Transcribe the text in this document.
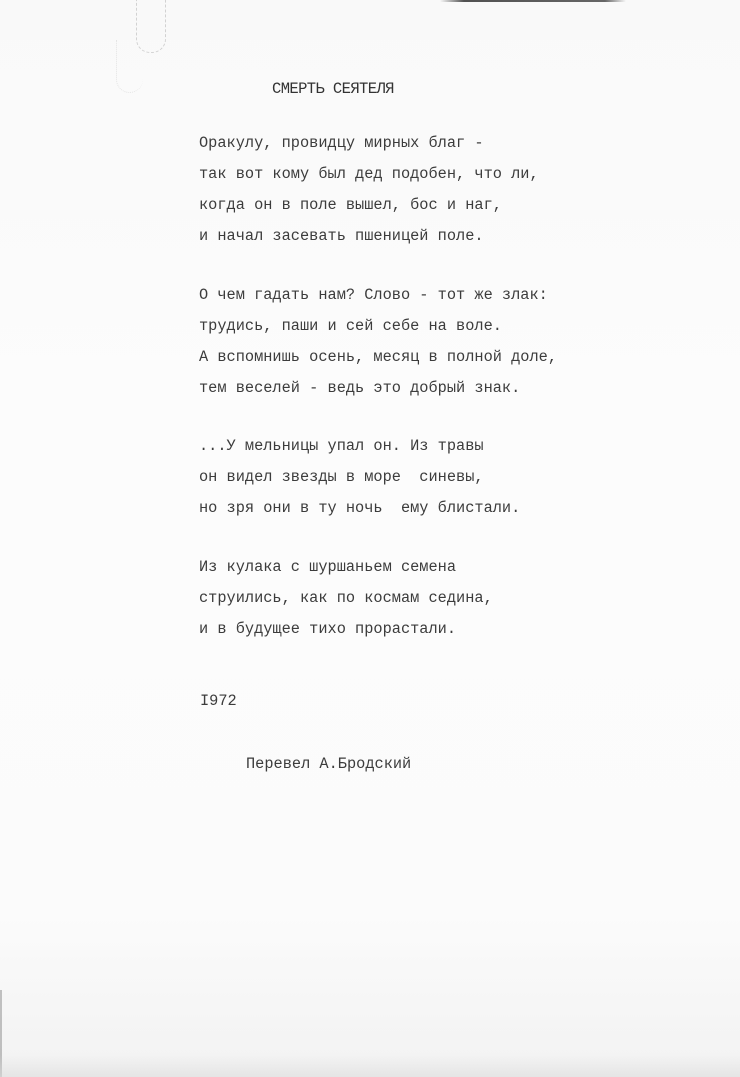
СМЕРТЬ СЕЯТЕЛЯ
Оракулу, провидцу мирных благ -
так вот кому был дед подобен, что ли,
когда он в поле вышел, бос и наг,
и начал засевать пшеницей поле.
О чем гадать нам? Слово - тот же злак:
трудись, паши и сей себе на воле.
А вспомнишь осень, месяц в полной доле,
тем веселей - ведь это добрый знак.
...У мельницы упал он. Из травы
он видел звезды в море  синевы,
но зря они в ту ночь  ему блистали.
Из кулака с шуршаньем семена
струились, как по космам седина,
и в будущее тихо прорастали.
I972
Перевел А.Бродский
